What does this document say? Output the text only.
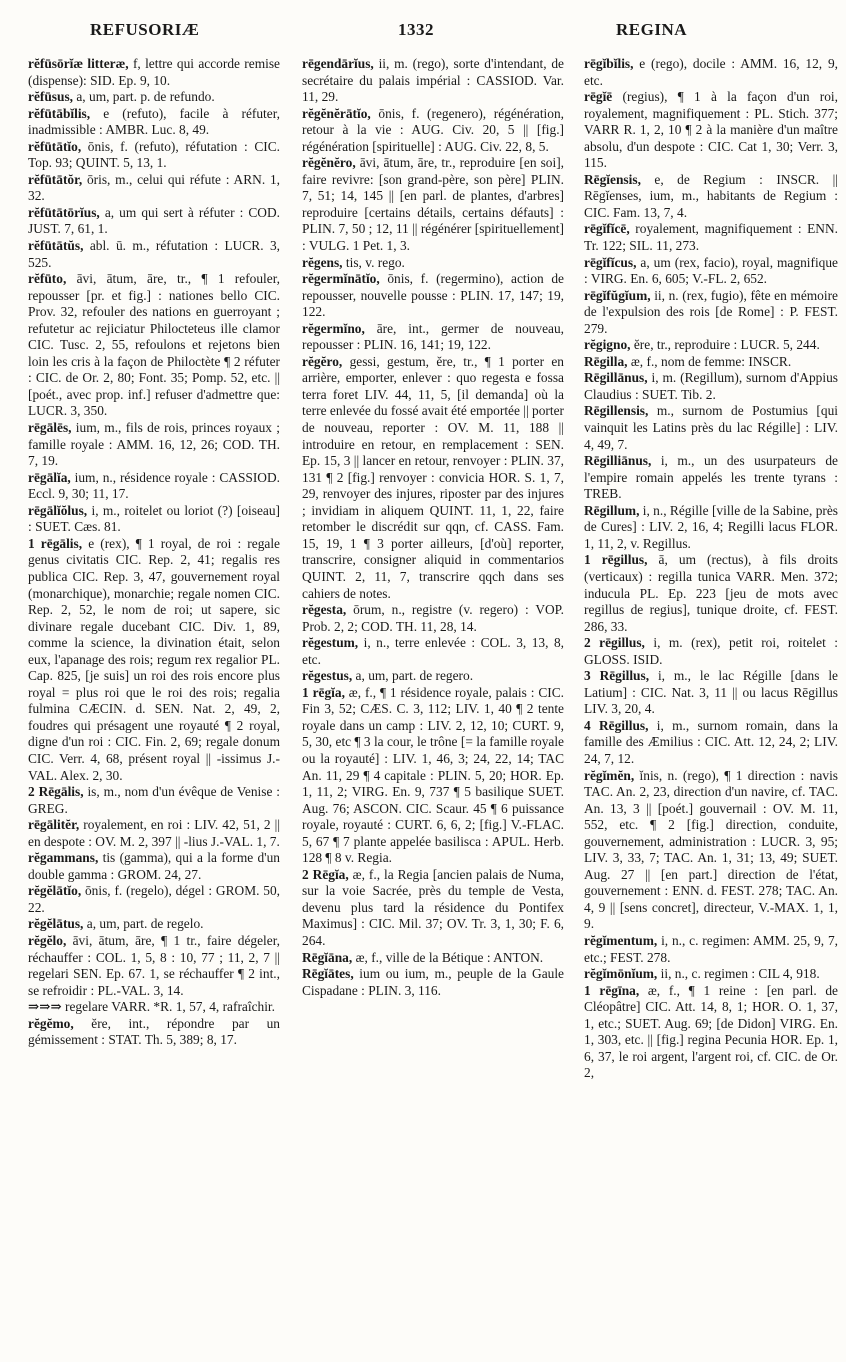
REFUSORIÆ	1332	REGINA

rĕfūsōrĭæ litteræ, f, lettre qui accorde remise (dispense): SID. Ep. 9, 10.

rĕfūsus, a, um, part. p. de refundo.

rĕfūtābĭlis, e (refuto), facile à réfuter, inadmissible : AMBR. Luc. 8, 49.

rĕfūtātĭo, ōnis, f. (refuto), réfutation : CIC. Top. 93; QUINT. 5, 13, 1.

rĕfūtātŏr, ōris, m., celui qui réfute : ARN. 1, 32.

rĕfūtātōrĭus, a, um qui sert à réfuter : COD. JUST. 7, 61, 1.

rĕfūtātŭs, abl. ū. m., réfutation : LUCR. 3, 525.

rĕfūto, āvi, ātum, āre, tr., ¶ 1 refouler, repousser [pr. et fig.] : nationes bello CIC. Prov. 32, refouler des nations en guerroyant ; refutetur ac rejiciatur Philocteteus ille clamor CIC. Tusc. 2, 55, refoulons et rejetons bien loin les cris à la façon de Philoctète ¶ 2 réfuter : CIC. de Or. 2, 80; Font. 35; Pomp. 52, etc. || [poét., avec prop. inf.] refuser d'admettre que: LUCR. 3, 350.

rēgālēs, ium, m., fils de rois, princes royaux ; famille royale : AMM. 16, 12, 26; COD. TH. 7, 19.

rēgālĭa, ium, n., résidence royale : CASSIOD. Eccl. 9, 30; 11, 17.

rēgālĭŏlus, i, m., roitelet ou loriot (?) [oiseau] : SUET. Cæs. 81.

1 rēgālis, e (rex), ¶ 1 royal, de roi : regale genus civitatis CIC. Rep. 2, 41; regalis res publica CIC. Rep. 3, 47, gouvernement royal (monarchique), monarchie; regale nomen CIC. Rep. 2, 52, le nom de roi; ut sapere, sic divinare regale ducebant CIC. Div. 1, 89, comme la science, la divination était, selon eux, l'apanage des rois; regum rex regalior PL. Cap. 825, [je suis] un roi des rois encore plus royal = plus roi que le roi des rois; regalia fulmina CÆCIN. d. SEN. Nat. 2, 49, 2, foudres qui présagent une royauté ¶ 2 royal, digne d'un roi : CIC. Fin. 2, 69; regale donum CIC. Verr. 4, 68, présent royal || -issimus J.-VAL. Alex. 2, 30.

2 Rēgālis, is, m., nom d'un évêque de Venise : GREG.

rēgālitĕr, royalement, en roi : LIV. 42, 51, 2 || en despote : OV. M. 2, 397 || -lius J.-VAL. 1, 7.

rĕgammans, tis (gamma), qui a la forme d'un double gamma : GROM. 24, 27.

rĕgĕlātĭo, ōnis, f. (regelo), dégel : GROM. 50, 22.

rĕgĕlātus, a, um, part. de regelo.

rĕgĕlo, āvi, ātum, āre, ¶ 1 tr., faire dégeler, réchauffer : COL. 1, 5, 8 : 10, 77 ; 11, 2, 7 || regelari SEN. Ep. 67. 1, se réchauffer ¶ 2 int., se refroidir : PL.-VAL. 3, 14.

⇒⇒⇒ regelare VARR. *R. 1, 57, 4, rafraîchir.

rĕgĕmo, ĕre, int., répondre par un gémissement : STAT. Th. 5, 389; 8, 17.

rēgendārĭus, ii, m. (rego), sorte d'intendant, de secrétaire du palais impérial : CASSIOD. Var. 11, 29.

rĕgĕnĕrātĭo, ōnis, f. (regenero), régénération, retour à la vie : AUG. Civ. 20, 5 || [fig.] régénération [spirituelle] : AUG. Civ. 22, 8, 5.

rĕgĕnĕro, āvi, ātum, āre, tr., reproduire [en soi], faire revivre: [son grand-père, son père] PLIN. 7, 51; 14, 145 || [en parl. de plantes, d'arbres] reproduire [certains détails, certains défauts] : PLIN. 7, 50 ; 12, 11 || régénérer [spirituellement] : VULG. 1 Pet. 1, 3.

rĕgens, tis, v. rego.

rĕgermĭnātĭo, ōnis, f. (regermino), action de repousser, nouvelle pousse : PLIN. 17, 147; 19, 122.

rĕgermĭno, āre, int., germer de nouveau, repousser : PLIN. 16, 141; 19, 122.

rĕgĕro, gessi, gestum, ĕre, tr., ¶ 1 porter en arrière, emporter, enlever : quo regesta e fossa terra foret LIV. 44, 11, 5, [il demanda] où la terre enlevée du fossé avait été emportée || porter de nouveau, reporter : OV. M. 11, 188 || introduire en retour, en remplacement : SEN. Ep. 15, 3 || lancer en retour, renvoyer : PLIN. 37, 131 ¶ 2 [fig.] renvoyer : convicia HOR. S. 1, 7, 29, renvoyer des injures, riposter par des injures ; invidiam in aliquem QUINT. 11, 1, 22, faire retomber le discrédit sur qqn, cf. CASS. Fam. 15, 19, 1 ¶ 3 porter ailleurs, [d'où] reporter, transcrire, consigner aliquid in commentarios QUINT. 2, 11, 7, transcrire qqch dans ses cahiers de notes.

rĕgesta, ōrum, n., registre (v. regero) : VOP. Prob. 2, 2; COD. TH. 11, 28, 14.

rĕgestum, i, n., terre enlevée : COL. 3, 13, 8, etc.

rĕgestus, a, um, part. de regero.

1 rēgĭa, æ, f., ¶ 1 résidence royale, palais : CIC. Fin 3, 52; CÆS. C. 3, 112; LIV. 1, 40 ¶ 2 tente royale dans un camp : LIV. 2, 12, 10; CURT. 9, 5, 30, etc ¶ 3 la cour, le trône [= la famille royale ou la royauté] : LIV. 1, 46, 3; 24, 22, 14; TAC An. 11, 29 ¶ 4 capitale : PLIN. 5, 20; HOR. Ep. 1, 11, 2; VIRG. En. 9, 737 ¶ 5 basilique SUET. Aug. 76; ASCON. CIC. Scaur. 45 ¶ 6 puissance royale, royauté : CURT. 6, 6, 2; [fig.] V.-FLAC. 5, 67 ¶ 7 plante appelée basilisca : APUL. Herb. 128 ¶ 8 v. Regia.

2 Rēgĭa, æ, f., la Regia [ancien palais de Numa, sur la voie Sacrée, près du temple de Vesta, devenu plus tard la résidence du Pontifex Maximus] : CIC. Mil. 37; OV. Tr. 3, 1, 30; F. 6, 264.

Rēgĭāna, æ, f., ville de la Bétique : ANTON.

Rēgĭātes, ium ou ium, m., peuple de la Gaule Cispadane : PLIN. 3, 116.

rēgĭbĭlis, e (rego), docile : AMM. 16, 12, 9, etc.

rēgĭē (regius), ¶ 1 à la façon d'un roi, royalement, magnifiquement : PL. Stich. 377; VARR R. 1, 2, 10 ¶ 2 à la manière d'un maître absolu, d'un despote : CIC. Cat 1, 30; Verr. 3, 115.

Rēgĭensis, e, de Regium : INSCR. || Rēgĭenses, ium, m., habitants de Regium : CIC. Fam. 13, 7, 4.

rēgĭfĭcē, royalement, magnifiquement : ENN. Tr. 122; SIL. 11, 273.

rēgĭfĭcus, a, um (rex, facio), royal, magnifique : VIRG. En. 6, 605; V.-FL. 2, 652.

rēgĭfŭgĭum, ii, n. (rex, fugio), fête en mémoire de l'expulsion des rois [de Rome] : P. FEST. 279.

rĕgigno, ĕre, tr., reproduire : LUCR. 5, 244.

Rēgilla, æ, f., nom de femme: INSCR.

Rēgillānus, i, m. (Regillum), surnom d'Appius Claudius : SUET. Tib. 2.

Rēgillensis, m., surnom de Postumius [qui vainquit les Latins près du lac Régille] : LIV. 4, 49, 7.

Rēgilliānus, i, m., un des usurpateurs de l'empire romain appelés les trente tyrans : TREB.

Rēgillum, i, n., Régille [ville de la Sabine, près de Cures] : LIV. 2, 16, 4; Regilli lacus FLOR. 1, 11, 2, v. Regillus.

1 rēgillus, ā, um (rectus), à fils droits (verticaux) : regilla tunica VARR. Men. 372; inducula PL. Ep. 223 [jeu de mots avec regillus de regius], tunique droite, cf. FEST. 286, 33.

2 rēgillus, i, m. (rex), petit roi, roitelet : GLOSS. ISID.

3 Rēgillus, i, m., le lac Régille [dans le Latium] : CIC. Nat. 3, 11 || ou lacus Rēgillus LIV. 3, 20, 4.

4 Rēgillus, i, m., surnom romain, dans la famille des Æmilius : CIC. Att. 12, 24, 2; LIV. 24, 7, 12.

rĕgĭmĕn, ĭnis, n. (rego), ¶ 1 direction : navis TAC. An. 2, 23, direction d'un navire, cf. TAC. An. 13, 3 || [poét.] gouvernail : OV. M. 11, 552, etc. ¶ 2 [fig.] direction, conduite, gouvernement, administration : LUCR. 3, 95; LIV. 3, 33, 7; TAC. An. 1, 31; 13, 49; SUET. Aug. 27 || [en part.] direction de l'état, gouvernement : ENN. d. FEST. 278; TAC. An. 4, 9 || [sens concret], directeur, V.-MAX. 1, 1, 9.

rĕgĭmentum, i, n., c. regimen: AMM. 25, 9, 7, etc.; FEST. 278.

rĕgĭmōnĭum, ii, n., c. regimen : CIL 4, 918.

1 rēgīna, æ, f., ¶ 1 reine : [en parl. de Cléopâtre] CIC. Att. 14, 8, 1; HOR. O. 1, 37, 1, etc.; SUET. Aug. 69; [de Didon] VIRG. En. 1, 303, etc. || [fig.] regina Pecunia HOR. Ep. 1, 6, 37, le roi argent, l'argent roi, cf. CIC. de Or. 2,
